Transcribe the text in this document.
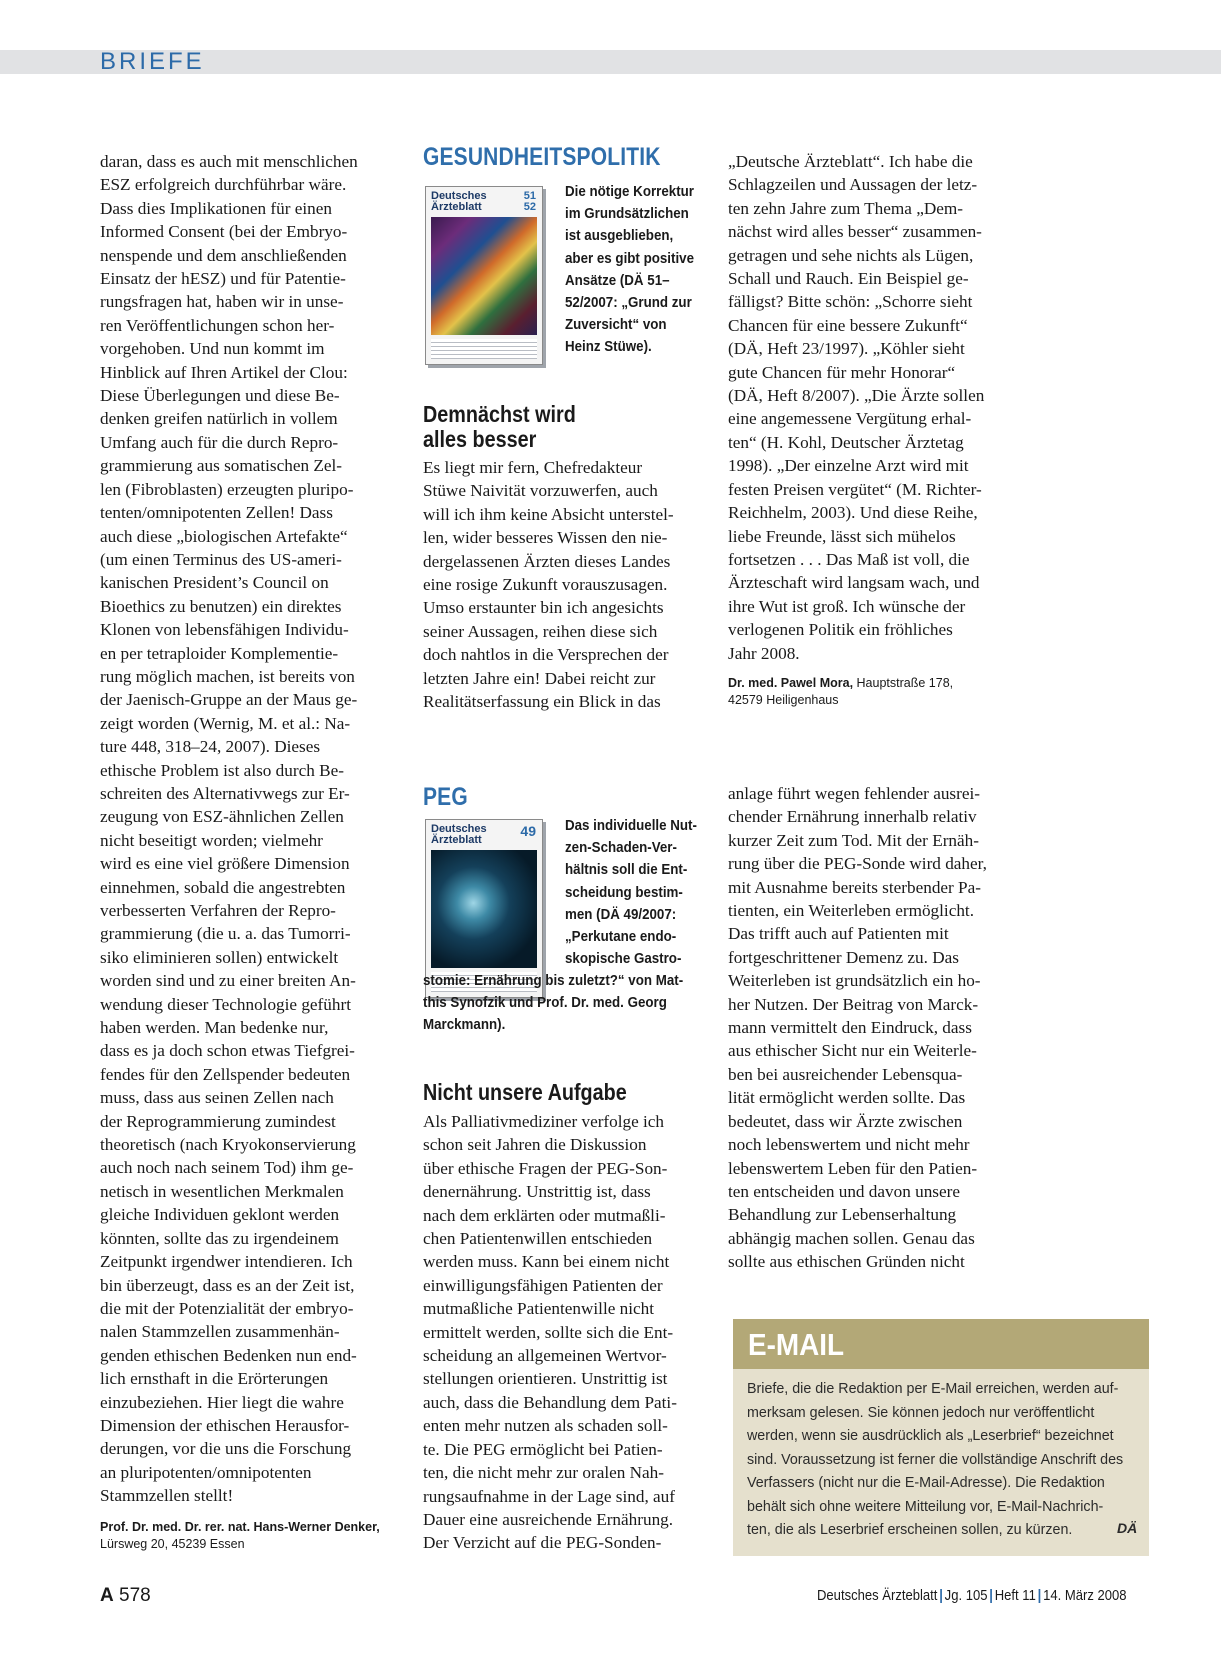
BRIEFE

daran, dass es auch mit menschlichen
ESZ erfolgreich durchführbar wäre.
Dass dies Implikationen für einen
Informed Consent (bei der Embryo-
nenspende und dem anschließenden
Einsatz der hESZ) und für Patentie-
rungsfragen hat, haben wir in unse-
ren Veröffentlichungen schon her-
vorgehoben. Und nun kommt im
Hinblick auf Ihren Artikel der Clou:
Diese Überlegungen und diese Be-
denken greifen natürlich in vollem
Umfang auch für die durch Repro-
grammierung aus somatischen Zel-
len (Fibroblasten) erzeugten pluripo-
tenten/omnipotenten Zellen! Dass
auch diese „biologischen Artefakte“
(um einen Terminus des US-ameri-
kanischen President’s Council on
Bioethics zu benutzen) ein direktes
Klonen von lebensfähigen Individu-
en per tetraploider Komplementie-
rung möglich machen, ist bereits von
der Jaenisch-Gruppe an der Maus ge-
zeigt worden (Wernig, M. et al.: Na-
ture 448, 318–24, 2007). Dieses
ethische Problem ist also durch Be-
schreiten des Alternativwegs zur Er-
zeugung von ESZ-ähnlichen Zellen
nicht beseitigt worden; vielmehr
wird es eine viel größere Dimension
einnehmen, sobald die angestrebten
verbesserten Verfahren der Repro-
grammierung (die u. a. das Tumorri-
siko eliminieren sollen) entwickelt
worden sind und zu einer breiten An-
wendung dieser Technologie geführt
haben werden. Man bedenke nur,
dass es ja doch schon etwas Tiefgrei-
fendes für den Zellspender bedeuten
muss, dass aus seinen Zellen nach
der Reprogrammierung zumindest
theoretisch (nach Kryokonservierung
auch noch nach seinem Tod) ihm ge-
netisch in wesentlichen Merkmalen
gleiche Individuen geklont werden
könnten, sollte das zu irgendeinem
Zeitpunkt irgendwer intendieren. Ich
bin überzeugt, dass es an der Zeit ist,
die mit der Potenzialität der embryo-
nalen Stammzellen zusammenhän-
genden ethischen Bedenken nun end-
lich ernsthaft in die Erörterungen
einzubeziehen. Hier liegt die wahre
Dimension der ethischen Herausfor-
derungen, vor die uns die Forschung
an pluripotenten/omnipotenten
Stammzellen stellt!

Prof. Dr. med. Dr. rer. nat. Hans-Werner Denker,
Lürsweg 20, 45239 Essen

GESUNDHEITSPOLITIK
Deutsches
Ärzteblatt
51
52
Die nötige Korrektur
im Grundsätzlichen
ist ausgeblieben,
aber es gibt positive
Ansätze (DÄ 51–
52/2007: „Grund zur
Zuversicht“ von
Heinz Stüwe).
Demnächst wird
alles besser

Es liegt mir fern, Chefredakteur
Stüwe Naivität vorzuwerfen, auch
will ich ihm keine Absicht unterstel-
len, wider besseres Wissen den nie-
dergelassenen Ärzten dieses Landes
eine rosige Zukunft vorauszusagen.
Umso erstaunter bin ich angesichts
seiner Aussagen, reihen diese sich
doch nahtlos in die Versprechen der
letzten Jahre ein! Dabei reicht zur
Realitätserfassung ein Blick in das

„Deutsche Ärzteblatt“. Ich habe die
Schlagzeilen und Aussagen der letz-
ten zehn Jahre zum Thema „Dem-
nächst wird alles besser“ zusammen-
getragen und sehe nichts als Lügen,
Schall und Rauch. Ein Beispiel ge-
fälligst? Bitte schön: „Schorre sieht
Chancen für eine bessere Zukunft“
(DÄ, Heft 23/1997). „Köhler sieht
gute Chancen für mehr Honorar“
(DÄ, Heft 8/2007). „Die Ärzte sollen
eine angemessene Vergütung erhal-
ten“ (H. Kohl, Deutscher Ärztetag
1998). „Der einzelne Arzt wird mit
festen Preisen vergütet“ (M. Richter-
Reichhelm, 2003). Und diese Reihe,
liebe Freunde, lässt sich mühelos
fortsetzen . . . Das Maß ist voll, die
Ärzteschaft wird langsam wach, und
ihre Wut ist groß. Ich wünsche der
verlogenen Politik ein fröhliches
Jahr 2008.

Dr. med. Pawel Mora, Hauptstraße 178,
42579 Heiligenhaus

PEG
Deutsches
Ärzteblatt
49 Das individuelle Nut-
zen-Schaden-Ver-
hältnis soll die Ent-
scheidung bestim-
men (DÄ 49/2007:
„Perkutane endo-
skopische Gastro-
stomie: Ernährung bis zuletzt?“ von Mat-
this Synofzik und Prof. Dr. med. Georg
Marckmann).
Nicht unsere Aufgabe

Als Palliativmediziner verfolge ich
schon seit Jahren die Diskussion
über ethische Fragen der PEG-Son-
denernährung. Unstrittig ist, dass
nach dem erklärten oder mutmaßli-
chen Patientenwillen entschieden
werden muss. Kann bei einem nicht
einwilligungsfähigen Patienten der
mutmaßliche Patientenwille nicht
ermittelt werden, sollte sich die Ent-
scheidung an allgemeinen Wertvor-
stellungen orientieren. Unstrittig ist
auch, dass die Behandlung dem Pati-
enten mehr nutzen als schaden soll-
te. Die PEG ermöglicht bei Patien-
ten, die nicht mehr zur oralen Nah-
rungsaufnahme in der Lage sind, auf
Dauer eine ausreichende Ernährung.
Der Verzicht auf die PEG-Sonden-

anlage führt wegen fehlender ausrei-
chender Ernährung innerhalb relativ
kurzer Zeit zum Tod. Mit der Ernäh-
rung über die PEG-Sonde wird daher,
mit Ausnahme bereits sterbender Pa-
tienten, ein Weiterleben ermöglicht.
Das trifft auch auf Patienten mit
fortgeschrittener Demenz zu. Das
Weiterleben ist grundsätzlich ein ho-
her Nutzen. Der Beitrag von Marck-
mann vermittelt den Eindruck, dass
aus ethischer Sicht nur ein Weiterle-
ben bei ausreichender Lebensqua-
lität ermöglicht werden sollte. Das
bedeutet, dass wir Ärzte zwischen
noch lebenswertem und nicht mehr
lebenswertem Leben für den Patien-
ten entscheiden und davon unsere
Behandlung zur Lebenserhaltung
abhängig machen sollen. Genau das
sollte aus ethischen Gründen nicht

E-MAIL

Briefe, die die Redaktion per E-Mail erreichen, werden auf-
merksam gelesen. Sie können jedoch nur veröffentlicht
werden, wenn sie ausdrücklich als „Leserbrief“ bezeichnet
sind. Voraussetzung ist ferner die vollständige Anschrift des
Verfassers (nicht nur die E-Mail-Adresse). Die Redaktion
behält sich ohne weitere Mitteilung vor, E-Mail-Nachrich-
ten, die als Leserbrief erscheinen sollen, zu kürzen.	DÄ
A 578	Deutsches Ärzteblatt | Jg. 105 | Heft 11 | 14. März 2008
